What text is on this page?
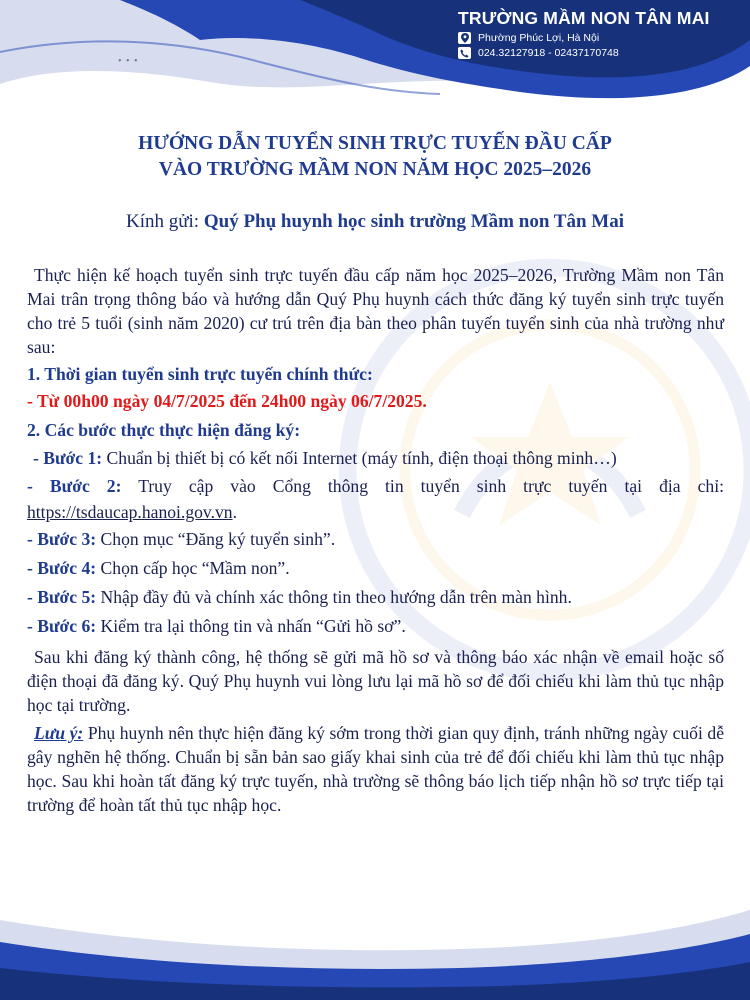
• • •
TRƯỜNG MẦM NON TÂN MAI
Phường Phúc Lợi, Hà Nội
024.32127918 - 02437170748
HƯỚNG DẪN TUYỂN SINH TRỰC TUYẾN ĐẦU CẤP
VÀO TRƯỜNG MẦM NON NĂM HỌC 2025–2026
Kính gửi: Quý Phụ huynh học sinh trường Mầm non Tân Mai

Thực hiện kế hoạch tuyển sinh trực tuyến đầu cấp năm học 2025–2026, Trường Mầm non Tân Mai trân trọng thông báo và hướng dẫn Quý Phụ huynh cách thức đăng ký tuyển sinh trực tuyến cho trẻ 5 tuổi (sinh năm 2020) cư trú trên địa bàn theo phân tuyến tuyển sinh của nhà trường như sau:

1. Thời gian tuyển sinh trực tuyến chính thức:

- Từ 00h00 ngày 04/7/2025 đến 24h00 ngày 06/7/2025.

2. Các bước thực thực hiện đăng ký:

- Bước 1: Chuẩn bị thiết bị có kết nối Internet (máy tính, điện thoại thông minh…)

- Bước 2: Truy cập vào Cổng thông tin tuyển sinh trực tuyến tại địa chỉ: https://tsdaucap.hanoi.gov.vn.

- Bước 3: Chọn mục “Đăng ký tuyển sinh”.

- Bước 4: Chọn cấp học “Mầm non”.

- Bước 5: Nhập đầy đủ và chính xác thông tin theo hướng dẫn trên màn hình.

- Bước 6: Kiểm tra lại thông tin và nhấn “Gửi hồ sơ”.

Sau khi đăng ký thành công, hệ thống sẽ gửi mã hồ sơ và thông báo xác nhận về email hoặc số điện thoại đã đăng ký. Quý Phụ huynh vui lòng lưu lại mã hồ sơ để đối chiếu khi làm thủ tục nhập học tại trường.

Lưu ý: Phụ huynh nên thực hiện đăng ký sớm trong thời gian quy định, tránh những ngày cuối dễ gây nghẽn hệ thống. Chuẩn bị sẵn bản sao giấy khai sinh của trẻ để đối chiếu khi làm thủ tục nhập học. Sau khi hoàn tất đăng ký trực tuyến, nhà trường sẽ thông báo lịch tiếp nhận hồ sơ trực tiếp tại trường để hoàn tất thủ tục nhập học.
